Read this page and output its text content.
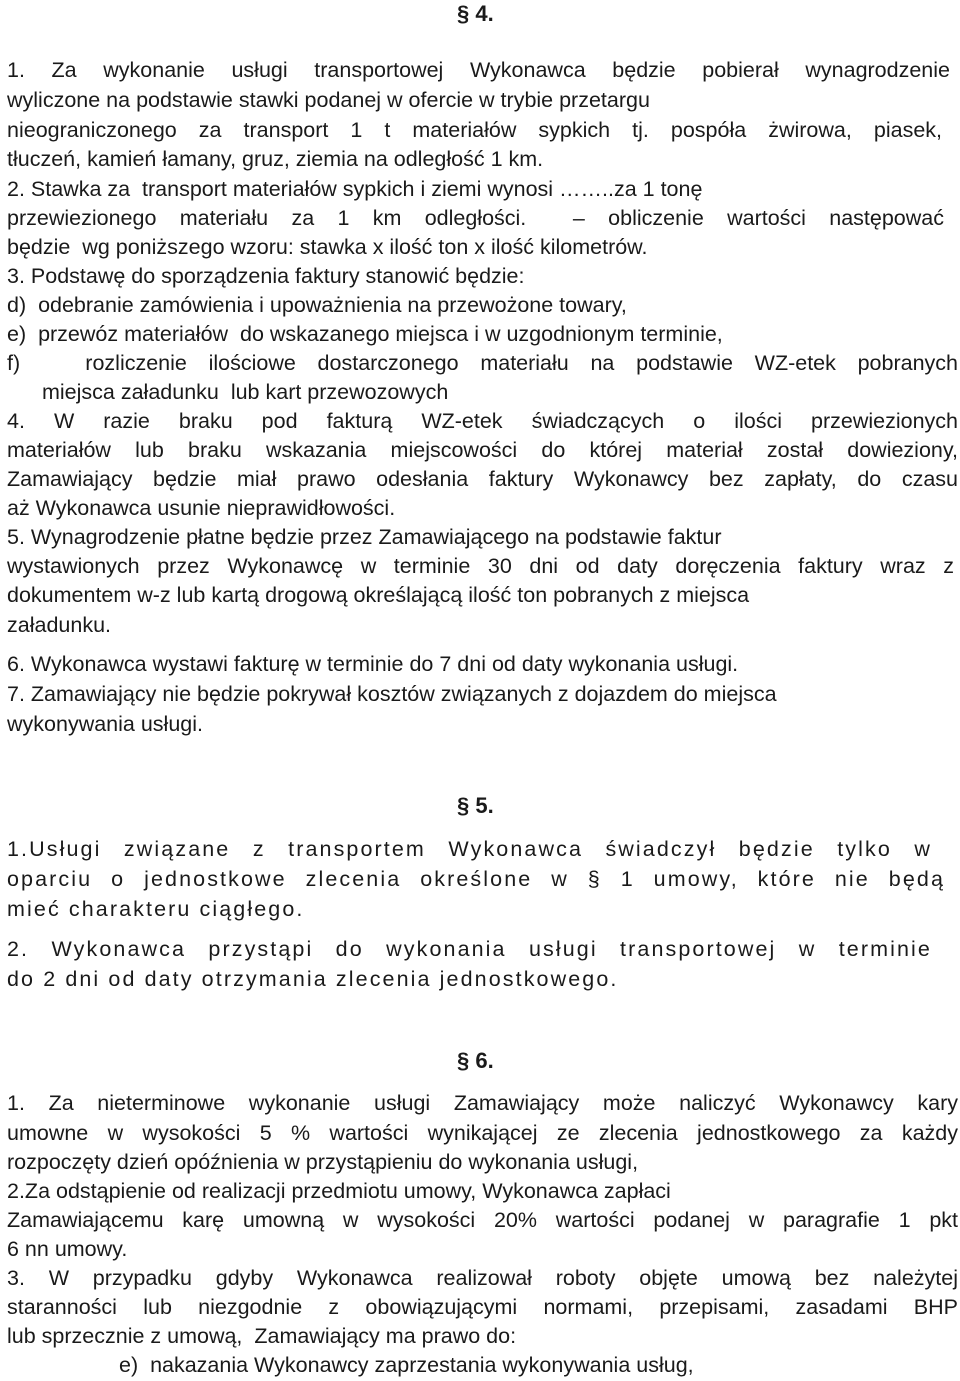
§ 4.
1. Za wykonanie usługi transportowej Wykonawca będzie pobierał wynagrodzenie
wyliczone na podstawie stawki podanej w ofercie w trybie przetargu
nieograniczonego za transport 1 t materiałów sypkich tj. pospóła żwirowa, piasek,
tłuczeń, kamień łamany, gruz, ziemia na odległość 1 km.
2. Stawka za  transport materiałów sypkich i ziemi wynosi ……..za 1 tonę
przewiezionego materiału za 1 km odległości.  – obliczenie wartości następować
będzie  wg poniższego wzoru: stawka x ilość ton x ilość kilometrów.
3. Podstawę do sporządzenia faktury stanowić będzie:
d)  odebranie zamówienia i upoważnienia na przewożone towary,
e)  przewóz materiałów  do wskazanego miejsca i w uzgodnionym terminie,
f)   rozliczenie ilościowe dostarczonego materiału na podstawie WZ-etek pobranych
miejsca załadunku  lub kart przewozowych
4.  W  razie  braku  pod  fakturą  WZ-etek  świadczących  o  ilości  przewiezionych
materiałów lub braku wskazania miejscowości do której materiał został dowieziony,
Zamawiający będzie miał prawo odesłania faktury Wykonawcy bez zapłaty, do czasu
aż Wykonawca usunie nieprawidłowości.
5. Wynagrodzenie płatne będzie przez Zamawiającego na podstawie faktur
wystawionych przez Wykonawcę w terminie 30 dni od daty doręczenia faktury wraz z
dokumentem w-z lub kartą drogową określającą ilość ton pobranych z miejsca
załadunku.
6. Wykonawca wystawi fakturę w terminie do 7 dni od daty wykonania usługi.
7. Zamawiający nie będzie pokrywał kosztów związanych z dojazdem do miejsca
wykonywania usługi.
§ 5.
1.Usługi związane z transportem Wykonawca świadczył będzie tylko w
oparciu o jednostkowe zlecenia określone w § 1 umowy, które nie będą
mieć charakteru ciągłego.
2. Wykonawca przystąpi do wykonania usługi transportowej w terminie
do 2 dni od daty otrzymania zlecenia jednostkowego.
§ 6.
1. Za nieterminowe wykonanie usługi Zamawiający może naliczyć Wykonawcy kary
umowne w wysokości 5 % wartości wynikającej ze zlecenia jednostkowego za każdy
rozpoczęty dzień opóźnienia w przystąpieniu do wykonania usługi,
2.Za odstąpienie od realizacji przedmiotu umowy, Wykonawca zapłaci
Zamawiającemu karę umowną w wysokości 20% wartości podanej w paragrafie 1 pkt
6 nn umowy.
3.  W  przypadku  gdyby  Wykonawca  realizował  roboty  objęte  umową  bez  należytej
staranności  lub  niezgodnie  z  obowiązującymi  normami,  przepisami,  zasadami  BHP
lub sprzecznie z umową,  Zamawiający ma prawo do:
e)  nakazania Wykonawcy zaprzestania wykonywania usług,
